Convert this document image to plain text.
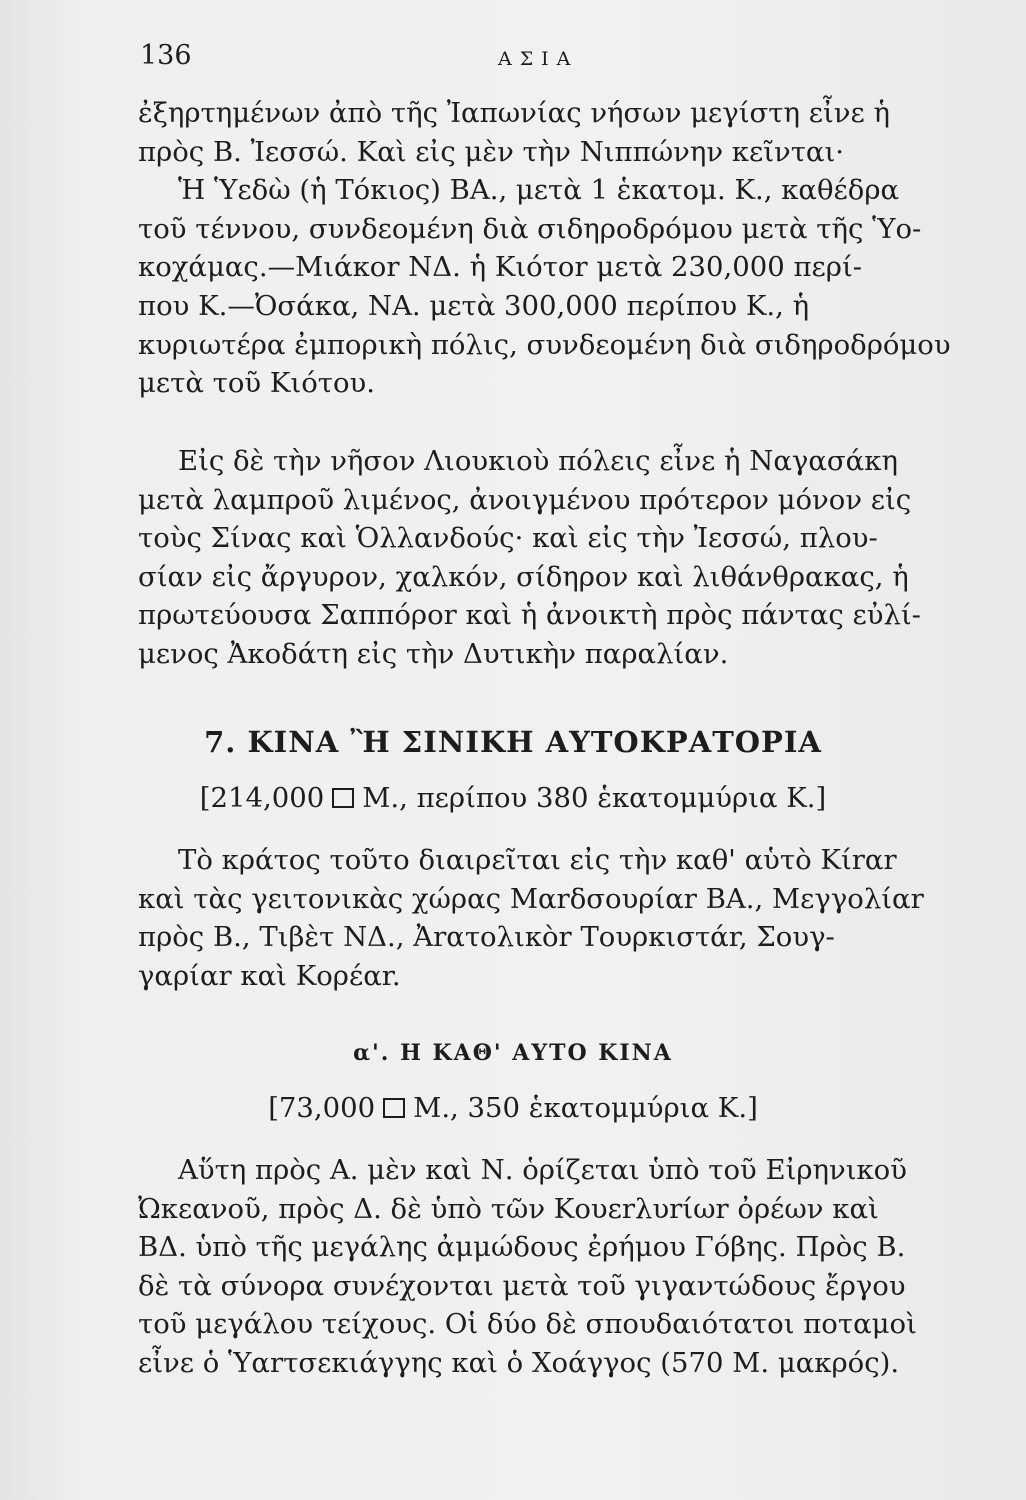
136	ΑΣΙΑ

ἐξηρτημένων ἀπὸ τῆς Ἰαπωνίας νήσων μεγίστη εἶνε ἡ
πρὸς Β. Ἰεσσώ. Καὶ εἰς μὲν τὴν Νιππώνην κεῖνται·
Ἡ Ὑεδὼ (ἡ Τόκιος) ΒΑ., μετὰ 1 ἑκατομ. Κ., καθέδρα
τοῦ τέννου, συνδεομένη διὰ σιδηροδρόμου μετὰ τῆς Ὑο-
κοχάμας.—Μιάκοr ΝΔ. ἡ Κιότοr μετὰ 230,000 περί-
που Κ.—Ὀσάκα, ΝΑ. μετὰ 300,000 περίπου Κ., ἡ
κυριωτέρα ἐμπορικὴ πόλις, συνδεομένη διὰ σιδηροδρόμου
μετὰ τοῦ Κιότου.

Εἰς δὲ τὴν νῆσον Λιουκιοὺ πόλεις εἶνε ἡ Ναγασάκη
μετὰ λαμπροῦ λιμένος, ἀνοιγμένου πρότερον μόνον εἰς
τοὺς Σίνας καὶ Ὁλλανδούς· καὶ εἰς τὴν Ἰεσσώ, πλου-
σίαν εἰς ἄργυρον, χαλκόν, σίδηρον καὶ λιθάνθρακας, ἡ
πρωτεύουσα Σαππόροr καὶ ἡ ἀνοικτὴ πρὸς πάντας εὐλί-
μενος Ἀκοδάτη εἰς τὴν Δυτικὴν παραλίαν.

7. ΚΙΝΑ Ἢ ΣΙΝΙΚΗ ΑΥΤΟΚΡΑΤΟΡΙΑ
[214,000 Μ., περίπου 380 ἑκατομμύρια Κ.]

Τὸ κράτος τοῦτο διαιρεῖται εἰς τὴν καθ' αὑτὸ Κίrαr
καὶ τὰς γειτονικὰς χώρας Μαrδσουρίαr ΒΑ., Μεγγολίαr
πρὸς Β., Τιβὲτ ΝΔ., Ἀrατολικὸr Τουρκιστάr, Σουγ-
γαρίαr καὶ Κορέαr.

α'. Η ΚΑΘ' ΑΥΤΟ ΚΙΝΑ
[73,000 Μ., 350 ἑκατομμύρια Κ.]

Αὕτη πρὸς Α. μὲν καὶ Ν. ὁρίζεται ὑπὸ τοῦ Εἰρηνικοῦ
Ὠκεανοῦ, πρὸς Δ. δὲ ὑπὸ τῶν Κουεrλυrίωr ὀρέων καὶ
ΒΔ. ὑπὸ τῆς μεγάλης ἀμμώδους ἐρήμου Γόβης. Πρὸς Β.
δὲ τὰ σύνορα συνέχονται μετὰ τοῦ γιγαντώδους ἔργου
τοῦ μεγάλου τείχους. Οἱ δύο δὲ σπουδαιότατοι ποταμοὶ
εἶνε ὁ Ὑαrτσεκιάγγης καὶ ὁ Χοάγγος (570 Μ. μακρός).
